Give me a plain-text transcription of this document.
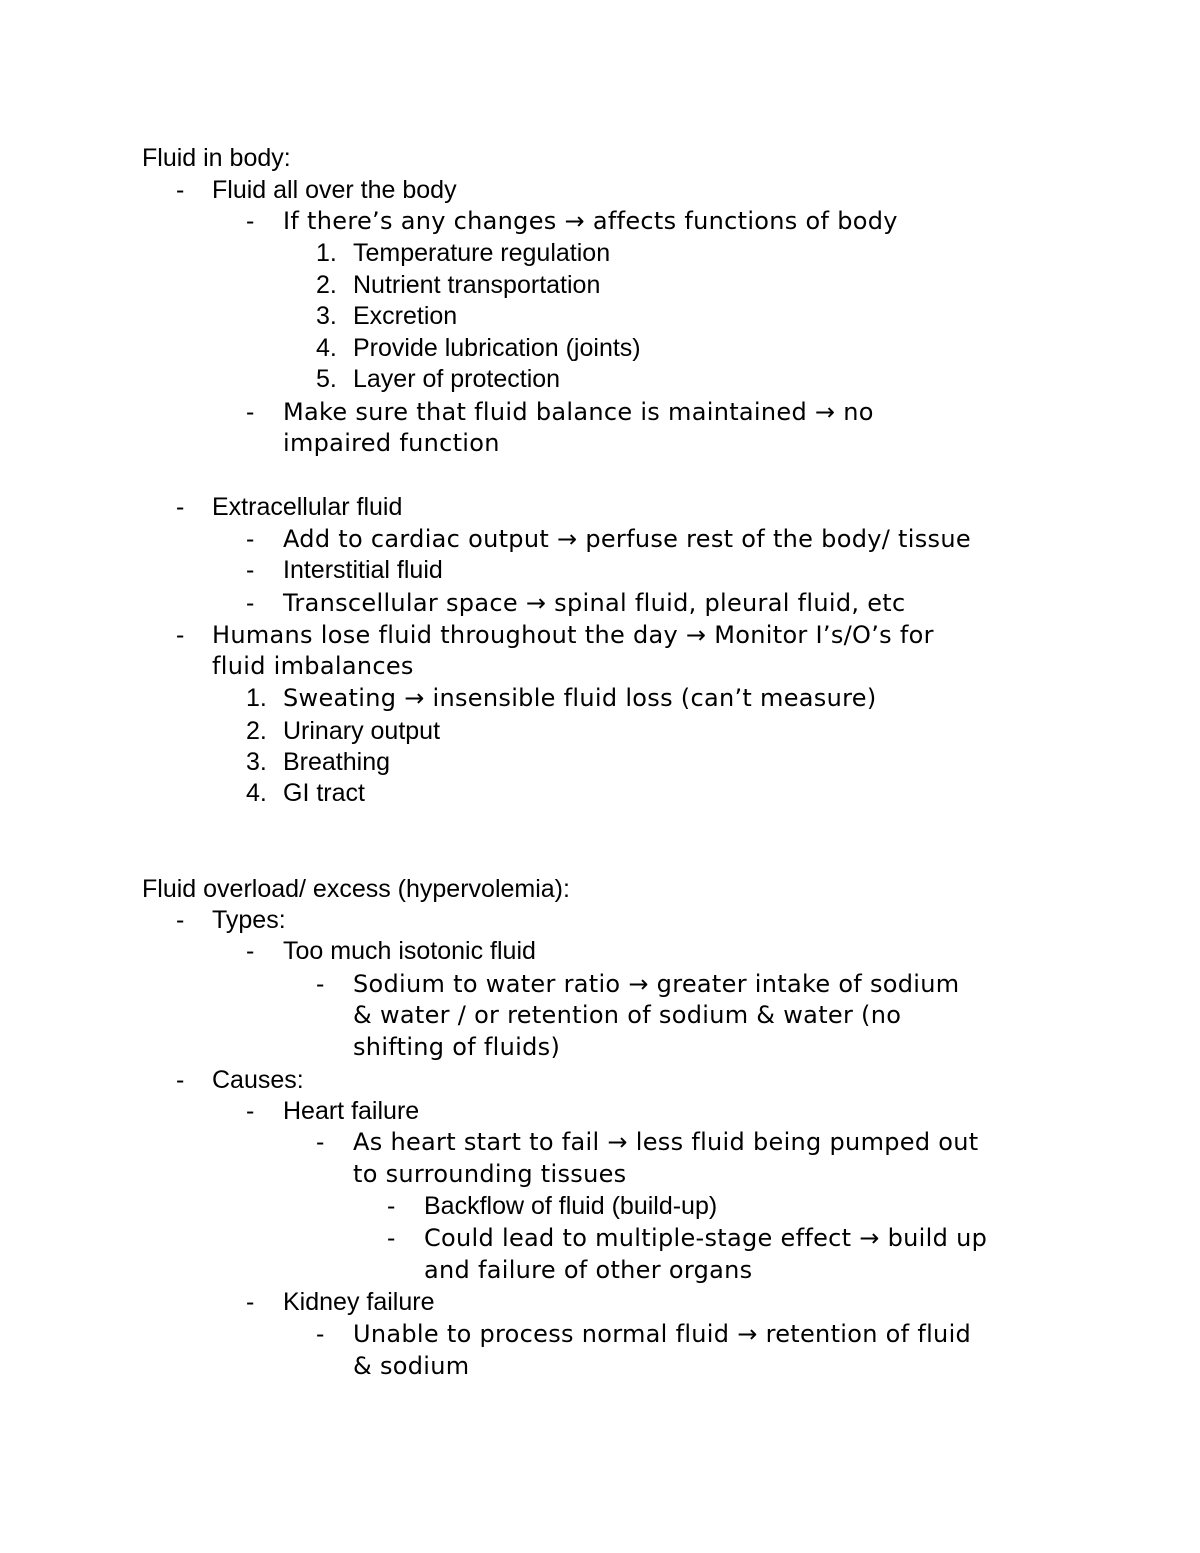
Fluid in body:
- Fluid all over the body
- If there’s any changes → affects functions of body
1. Temperature regulation
2. Nutrient transportation
3. Excretion
4. Provide lubrication (joints)
5. Layer of protection
- Make sure that fluid balance is maintained → no
impaired function
- Extracellular fluid
- Add to cardiac output → perfuse rest of the body/ tissue
- Interstitial fluid
- Transcellular space → spinal fluid, pleural fluid, etc
- Humans lose fluid throughout the day → Monitor I’s/O’s for
fluid imbalances
1. Sweating → insensible fluid loss (can’t measure)
2. Urinary output
3. Breathing
4. GI tract
Fluid overload/ excess (hypervolemia):
- Types:
- Too much isotonic fluid
- Sodium to water ratio → greater intake of sodium
& water / or retention of sodium & water (no
shifting of fluids)
- Causes:
- Heart failure
- As heart start to fail → less fluid being pumped out
to surrounding tissues
- Backflow of fluid (build-up)
- Could lead to multiple-stage effect → build up
and failure of other organs
- Kidney failure
- Unable to process normal fluid → retention of fluid
& sodium
